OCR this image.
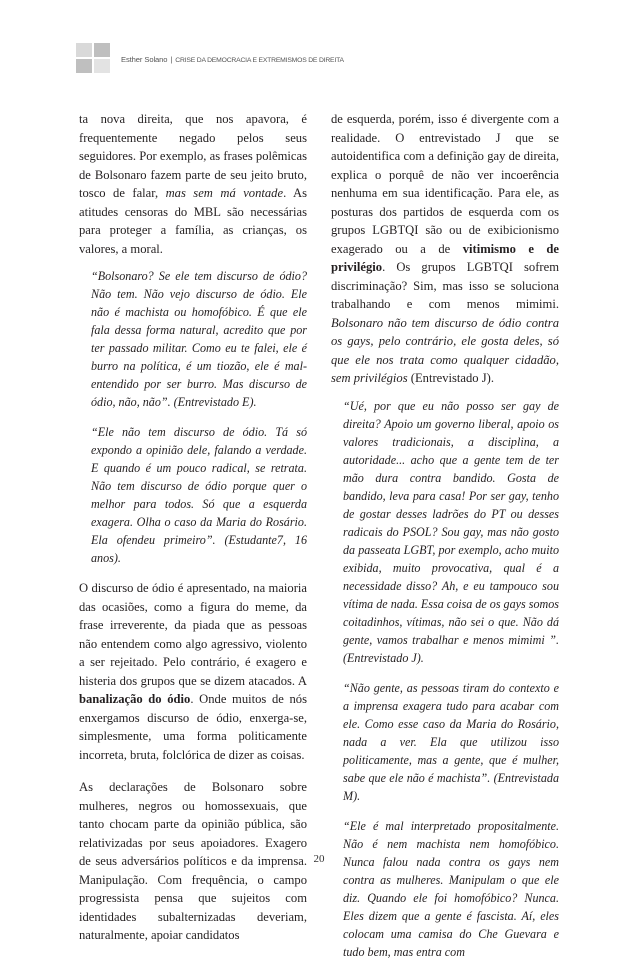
Esther Solano | CRISE DA DEMOCRACIA E EXTREMISMOS DE DIREITA

ta nova direita, que nos apavora, é frequentemente negado pelos seus seguidores. Por exemplo, as frases polêmicas de Bolsonaro fazem parte de seu jeito bruto, tosco de falar, mas sem má vontade. As atitudes censoras do MBL são necessárias para proteger a família, as crianças, os valores, a moral.

“Bolsonaro? Se ele tem discurso de ódio? Não tem. Não vejo discurso de ódio. Ele não é machista ou homofóbico. É que ele fala dessa forma natural, acredito que por ter passado militar. Como eu te falei, ele é burro na política, é um tiozão, ele é mal-entendido por ser burro. Mas discurso de ódio, não, não”. (Entrevistado E).
“Ele não tem discurso de ódio. Tá só expondo a opinião dele, falando a verdade. E quando é um pouco radical, se retrata. Não tem discurso de ódio porque quer o melhor para todos. Só que a esquerda exagera. Olha o caso da Maria do Rosário. Ela ofendeu primeiro”. (Estudante7, 16 anos).

O discurso de ódio é apresentado, na maioria das ocasiões, como a figura do meme, da frase irreverente, da piada que as pessoas não entendem como algo agressivo, violento a ser rejeitado. Pelo contrário, é exagero e histeria dos grupos que se dizem atacados. A banalização do ódio. Onde muitos de nós enxergamos discurso de ódio, enxerga-se, simplesmente, uma forma politicamente incorreta, bruta, folclórica de dizer as coisas.

As declarações de Bolsonaro sobre mulheres, negros ou homossexuais, que tanto chocam parte da opinião pública, são relativizadas por seus apoiadores. Exagero de seus adversários políticos e da imprensa. Manipulação. Com frequência, o campo progressista pensa que sujeitos com identidades subalternizadas deveriam, naturalmente, apoiar candidatos

de esquerda, porém, isso é divergente com a realidade. O entrevistado J que se autoidentifica com a definição gay de direita, explica o porquê de não ver incoerência nenhuma em sua identificação. Para ele, as posturas dos partidos de esquerda com os grupos LGBTQI são ou de exibicionismo exagerado ou a de vitimismo e de privilégio. Os grupos LGBTQI sofrem discriminação? Sim, mas isso se soluciona trabalhando e com menos mimimi. Bolsonaro não tem discurso de ódio contra os gays, pelo contrário, ele gosta deles, só que ele nos trata como qualquer cidadão, sem privilégios (Entrevistado J).

“Ué, por que eu não posso ser gay de direita? Apoio um governo liberal, apoio os valores tradicionais, a disciplina, a autoridade... acho que a gente tem de ter mão dura contra bandido. Gosta de bandido, leva para casa! Por ser gay, tenho de gostar desses ladrões do PT ou desses radicais do PSOL? Sou gay, mas não gosto da passeata LGBT, por exemplo, acho muito exibida, muito provocativa, qual é a necessidade disso? Ah, e eu tampouco sou vítima de nada. Essa coisa de os gays somos coitadinhos, vítimas, não sei o que. Não dá gente, vamos trabalhar e menos mimimi ”. (Entrevistado J).
“Não gente, as pessoas tiram do contexto e a imprensa exagera tudo para acabar com ele. Como esse caso da Maria do Rosário, nada a ver. Ela que utilizou isso politicamente, mas a gente, que é mulher, sabe que ele não é machista”. (Entrevistada M).
“Ele é mal interpretado propositalmente. Não é nem machista nem homofóbico. Nunca falou nada contra os gays nem contra as mulheres. Manipulam o que ele diz. Quando ele foi homofóbico? Nunca. Eles dizem que a gente é fascista. Aí, eles colocam uma camisa do Che Guevara e tudo bem, mas entra com
20
